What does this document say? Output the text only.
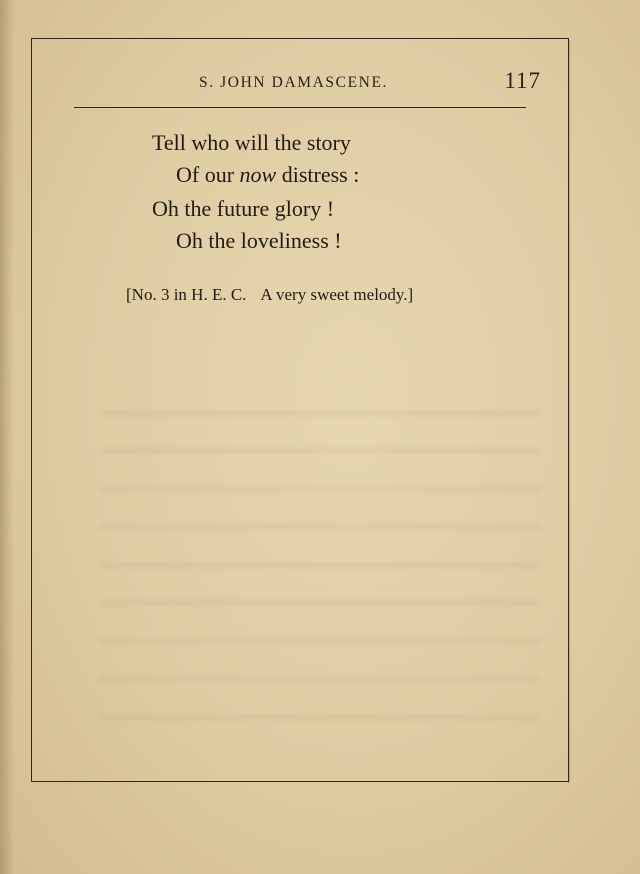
S. JOHN DAMASCENE.	117
Tell who will the story
Of our now distress :
Oh the future glory !
Oh the loveliness !
[No. 3 in H. E. C. A very sweet melody.]
